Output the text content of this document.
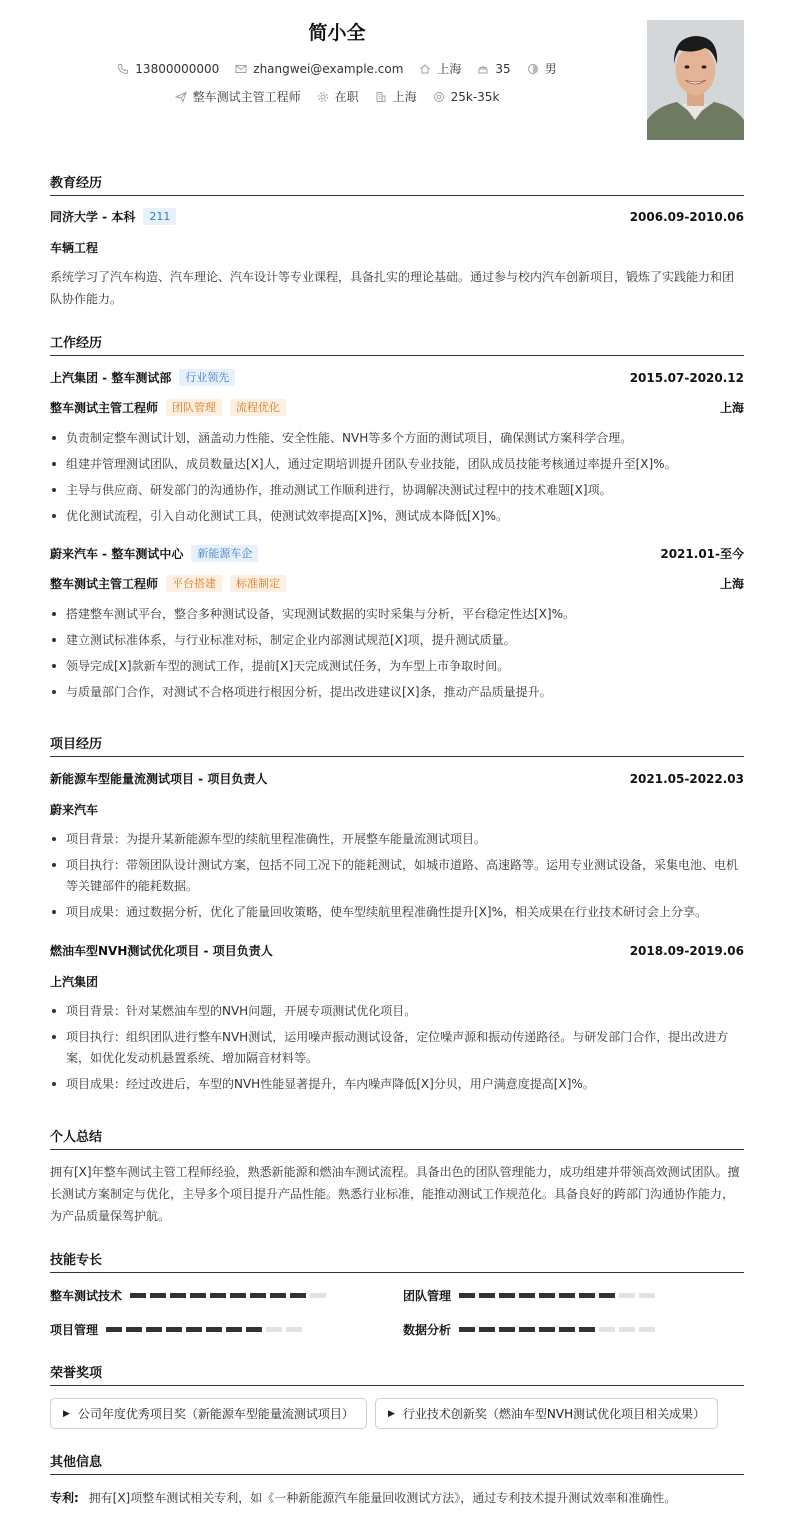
简小全
13800000000	zhangwei@example.com	上海	35	男
整车测试主管工程师	在职	上海	25k-35k
教育经历
同济大学 - 本科	211	2006.09-2010.06
车辆工程
系统学习了汽车构造、汽车理论、汽车设计等专业课程，具备扎实的理论基础。通过参与校内汽车创新项目，锻炼了实践能力和团队协作能力。
工作经历
上汽集团 - 整车测试部	行业领先	2015.07-2020.12
整车测试主管工程师	团队管理	流程优化	上海
负责制定整车测试计划，涵盖动力性能、安全性能、NVH等多个方面的测试项目，确保测试方案科学合理。
组建并管理测试团队，成员数量达[X]人，通过定期培训提升团队专业技能，团队成员技能考核通过率提升至[X]%。
主导与供应商、研发部门的沟通协作，推动测试工作顺利进行，协调解决测试过程中的技术难题[X]项。
优化测试流程，引入自动化测试工具，使测试效率提高[X]%，测试成本降低[X]%。
蔚来汽车 - 整车测试中心	新能源车企	2021.01-至今
整车测试主管工程师	平台搭建	标准制定	上海
搭建整车测试平台，整合多种测试设备，实现测试数据的实时采集与分析，平台稳定性达[X]%。
建立测试标准体系，与行业标准对标，制定企业内部测试规范[X]项，提升测试质量。
领导完成[X]款新车型的测试工作，提前[X]天完成测试任务，为车型上市争取时间。
与质量部门合作，对测试不合格项进行根因分析，提出改进建议[X]条，推动产品质量提升。
项目经历
新能源车型能量流测试项目 - 项目负责人	2021.05-2022.03
蔚来汽车
项目背景：为提升某新能源车型的续航里程准确性，开展整车能量流测试项目。
项目执行：带领团队设计测试方案，包括不同工况下的能耗测试，如城市道路、高速路等。运用专业测试设备，采集电池、电机等关键部件的能耗数据。
项目成果：通过数据分析，优化了能量回收策略，使车型续航里程准确性提升[X]%，相关成果在行业技术研讨会上分享。
燃油车型NVH测试优化项目 - 项目负责人	2018.09-2019.06
上汽集团
项目背景：针对某燃油车型的NVH问题，开展专项测试优化项目。
项目执行：组织团队进行整车NVH测试，运用噪声振动测试设备，定位噪声源和振动传递路径。与研发部门合作，提出改进方案，如优化发动机悬置系统、增加隔音材料等。
项目成果：经过改进后，车型的NVH性能显著提升，车内噪声降低[X]分贝，用户满意度提高[X]%。
个人总结
拥有[X]年整车测试主管工程师经验，熟悉新能源和燃油车测试流程。具备出色的团队管理能力，成功组建并带领高效测试团队。擅长测试方案制定与优化，主导多个项目提升产品性能。熟悉行业标准，能推动测试工作规范化。具备良好的跨部门沟通协作能力，为产品质量保驾护航。
技能专长
整车测试技术	团队管理
项目管理	数据分析
荣誉奖项
▶ 公司年度优秀项目奖（新能源车型能量流测试项目）	▶ 行业技术创新奖（燃油车型NVH测试优化项目相关成果）
其他信息
专利: 拥有[X]项整车测试相关专利，如《一种新能源汽车能量回收测试方法》，通过专利技术提升测试效率和准确性。
